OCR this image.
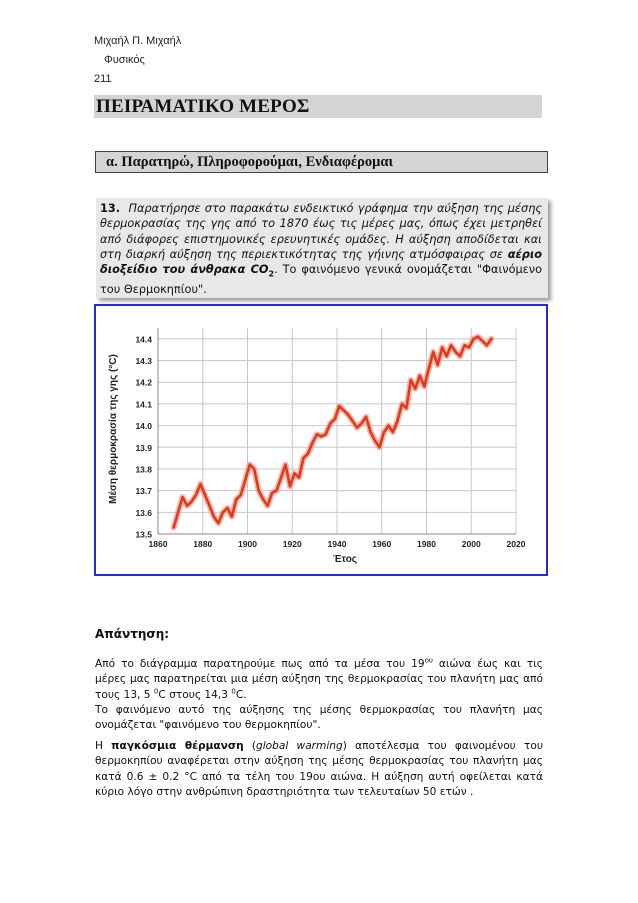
Μιχαήλ Π. Μιχαήλ
Φυσικός
211
ΠΕΙΡΑΜΑΤΙΚΟ ΜΕΡΟΣ
α. Παρατηρώ, Πληροφορούμαι, Ενδιαφέρομαι
13. Παρατήρησε στο παρακάτω ενδεικτικό γράφημα την αύξηση της μέσης θερμοκρασίας της γης από το 1870 έως τις μέρες μας, όπως έχει μετρηθεί από διάφορες επιστημονικές ερευνητικές ομάδες. Η αύξηση αποδίδεται και στη διαρκή αύξηση της περιεκτικότητας της γήινης ατμόσφαιρας σε αέριο διοξείδιο του άνθρακα $CO_2$. Το φαινόμενο γενικά ονομάζεται "Φαινόμενο του Θερμοκηπίου".
13.5
13.6
13.7
13.8
13.9
14.0
14.1
14.2
14.3
14.4
1860	1880	1900	1920	1940	1960	1980	2000	2020
Έτος
Μέση θερμοκρασία της γης (°C)
Απάντηση:
Από το διάγραμμα παρατηρούμε πως από τα μέσα του $19^{o\upsilon}$ αιώνα έως και τις μέρες μας παρατηρείται μια μέση αύξηση της θερμοκρασίας του πλανήτη μας από τους 13, 5 $^0$C στους 14,3 $^0$C.
Το φαινόμενο αυτό της αύξησης της μέσης θερμοκρασίας του πλανήτη μας ονομάζεται "φαινόμενο του θερμοκηπίου".
Η παγκόσμια θέρμανση (global warming) αποτέλεσμα του φαινομένου του θερμοκηπίου αναφέρεται στην αύξηση της μέσης θερμοκρασίας του πλανήτη μας κατά 0.6 ± 0.2 °C από τα τέλη του 19ου αιώνα. Η αύξηση αυτή οφείλεται κατά κύριο λόγο στην ανθρώπινη δραστηριότητα των τελευταίων 50 ετών .
